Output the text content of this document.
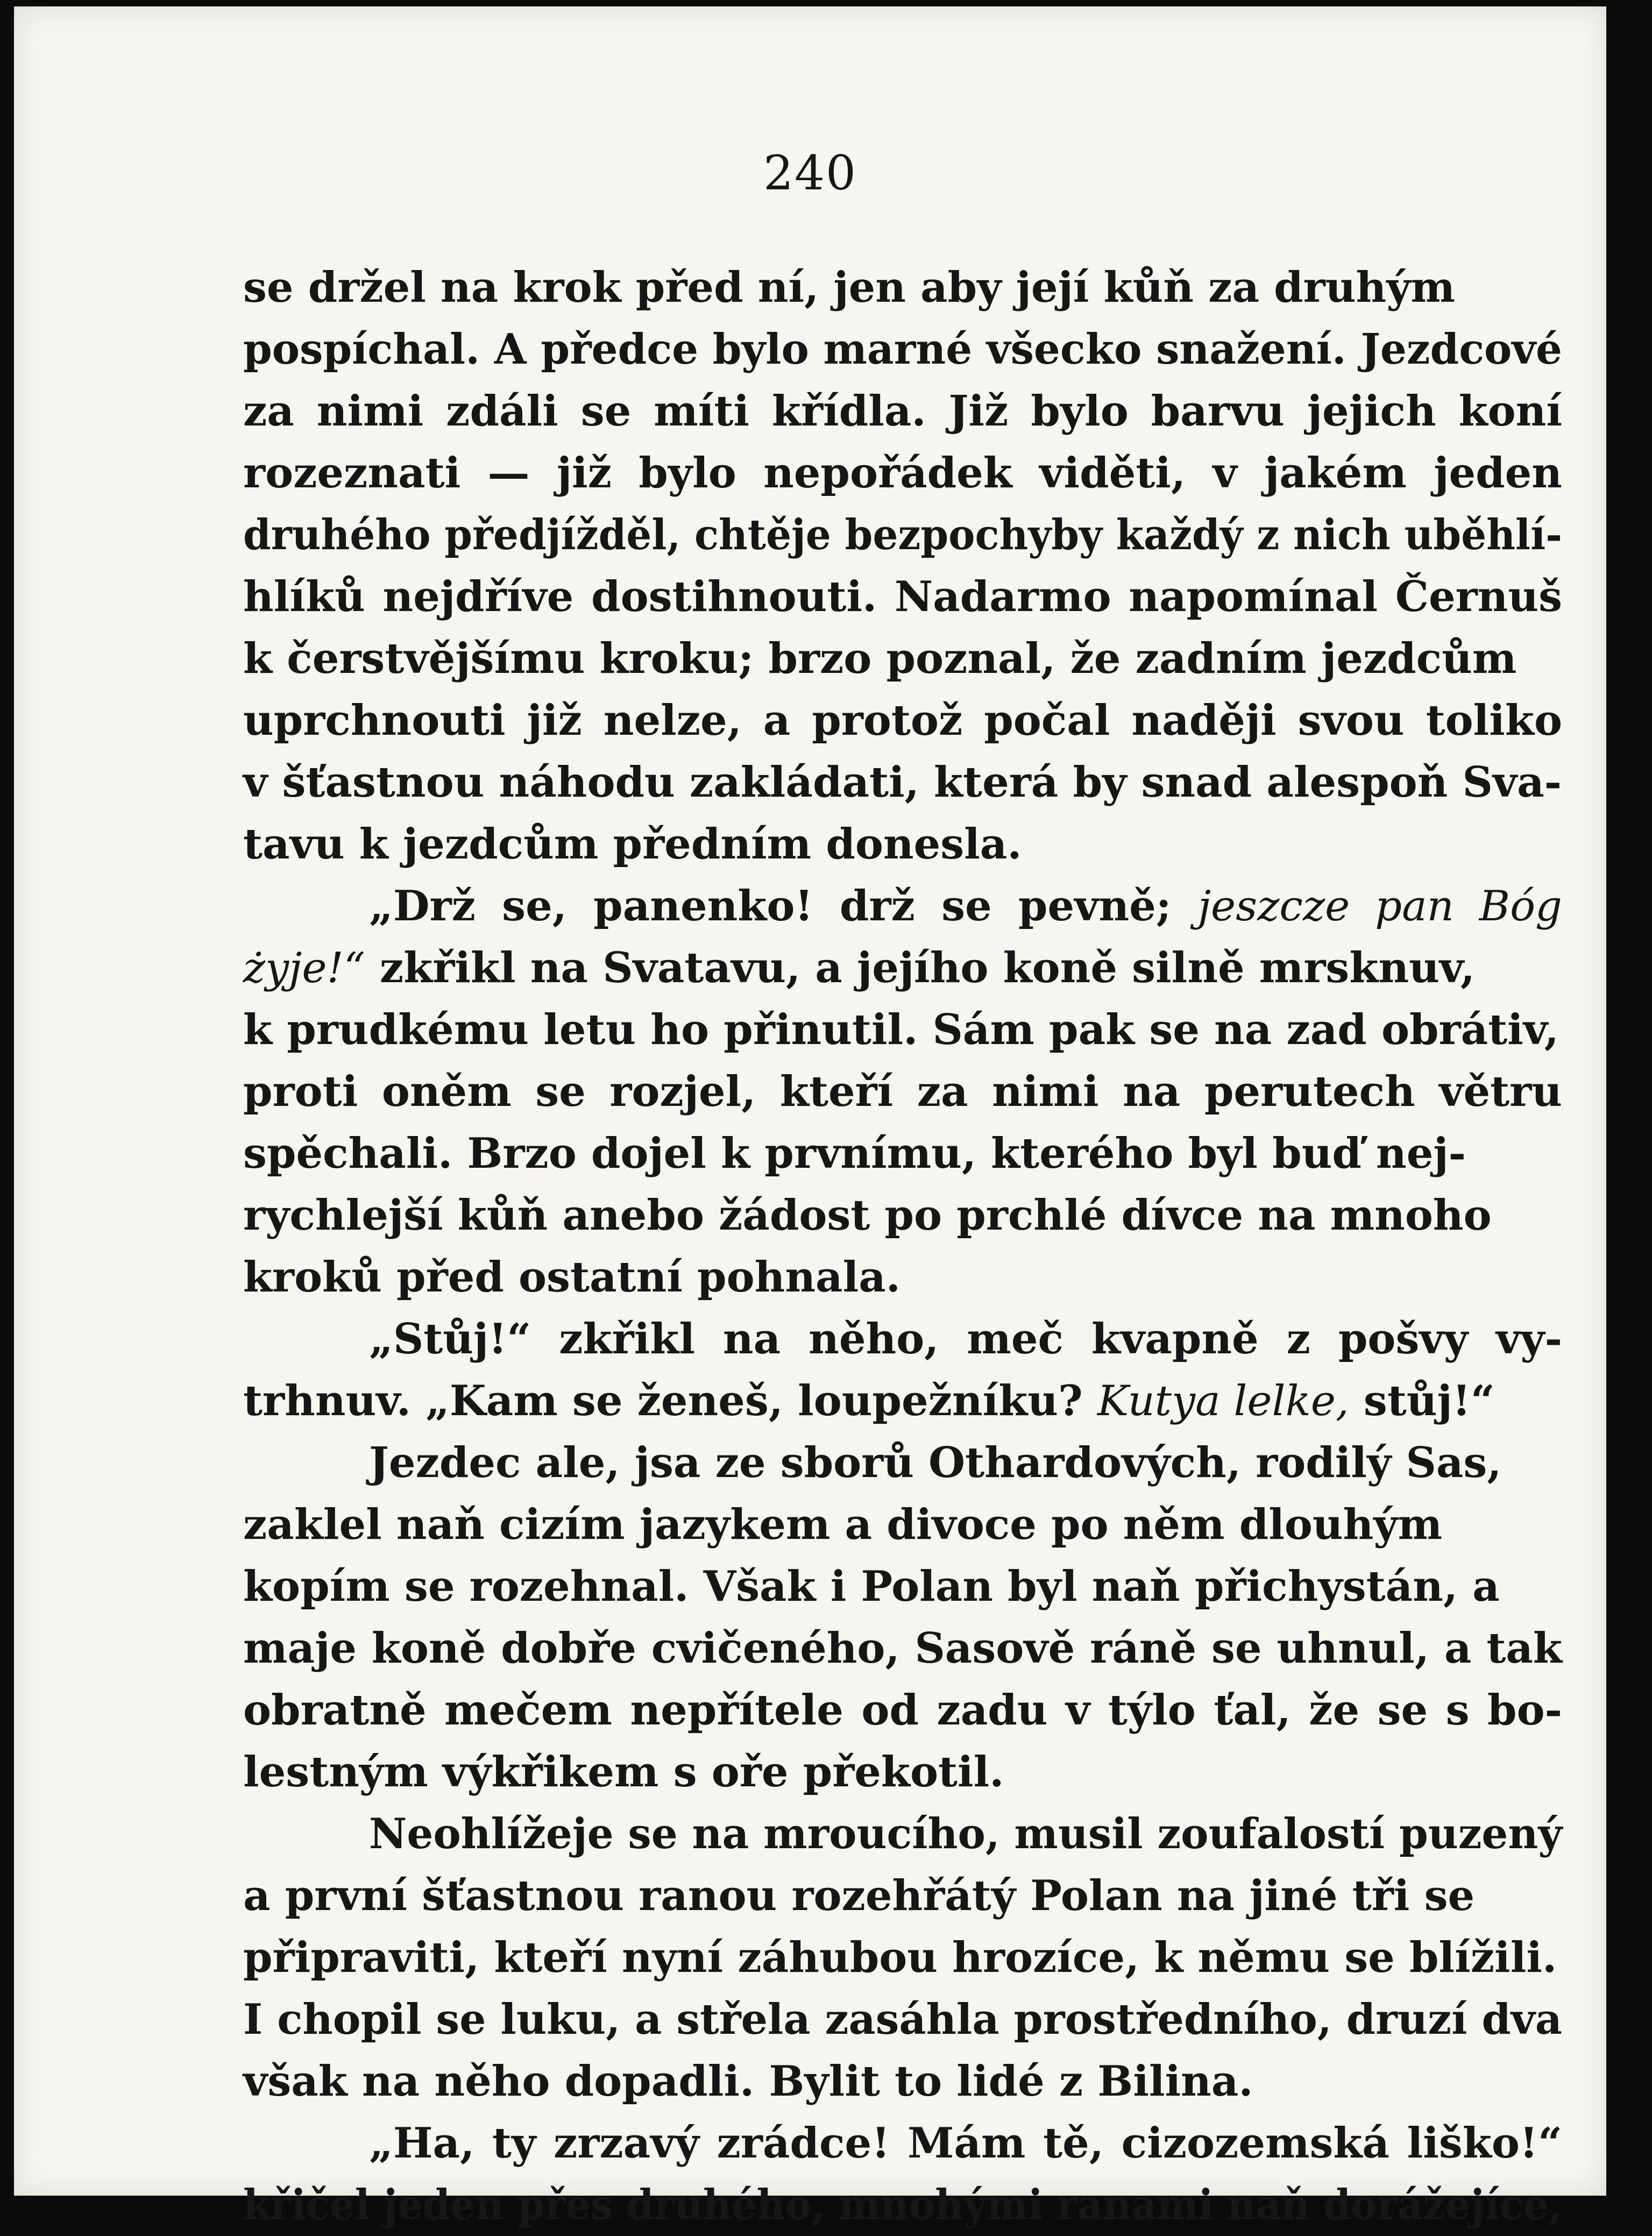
240
se držel na krok před ní, jen aby její kůň za druhým
pospíchal. A předce bylo marné všecko snažení. Jezdcové
za nimi zdáli se míti křídla. Již bylo barvu jejich koní
rozeznati — již bylo nepořádek viděti, v jakém jeden
druhého předjížděl, chtěje bezpochyby každý z nich uběhlí-
hlíků nejdříve dostihnouti. Nadarmo napomínal Černuš
k čerstvějšímu kroku; brzo poznal, že zadním jezdcům
uprchnouti již nelze, a protož počal naději svou toliko
v šťastnou náhodu zakládati, která by snad alespoň Sva-
tavu k jezdcům předním donesla.
„Drž se, panenko! drž se pevně; jeszcze pan Bóg
żyje!“ zkřikl na Svatavu, a jejího koně silně mrsknuv,
k prudkému letu ho přinutil. Sám pak se na zad obrátiv,
proti oněm se rozjel, kteří za nimi na perutech větru
spěchali. Brzo dojel k prvnímu, kterého byl buď nej-
rychlejší kůň anebo žádost po prchlé dívce na mnoho
kroků před ostatní pohnala.
„Stůj!“ zkřikl na něho, meč kvapně z pošvy vy-
trhnuv. „Kam se ženeš, loupežníku? Kutya lelke, stůj!“
Jezdec ale, jsa ze sborů Othardových, rodilý Sas,
zaklel naň cizím jazykem a divoce po něm dlouhým
kopím se rozehnal. Však i Polan byl naň přichystán, a
maje koně dobře cvičeného, Sasově ráně se uhnul, a tak
obratně mečem nepřítele od zadu v týlo ťal, že se s bo-
lestným výkřikem s oře překotil.
Neohlížeje se na mroucího, musil zoufalostí puzený
a první šťastnou ranou rozehřátý Polan na jiné tři se
připraviti, kteří nyní záhubou hrozíce, k němu se blížili.
I chopil se luku, a střela zasáhla prostředního, druzí dva
však na něho dopadli. Bylit to lidé z Bilina.
„Ha, ty zrzavý zrádce! Mám tě, cizozemská liško!“
křičel jeden přes druhého, mnohými ranami naň dorážejíce,
